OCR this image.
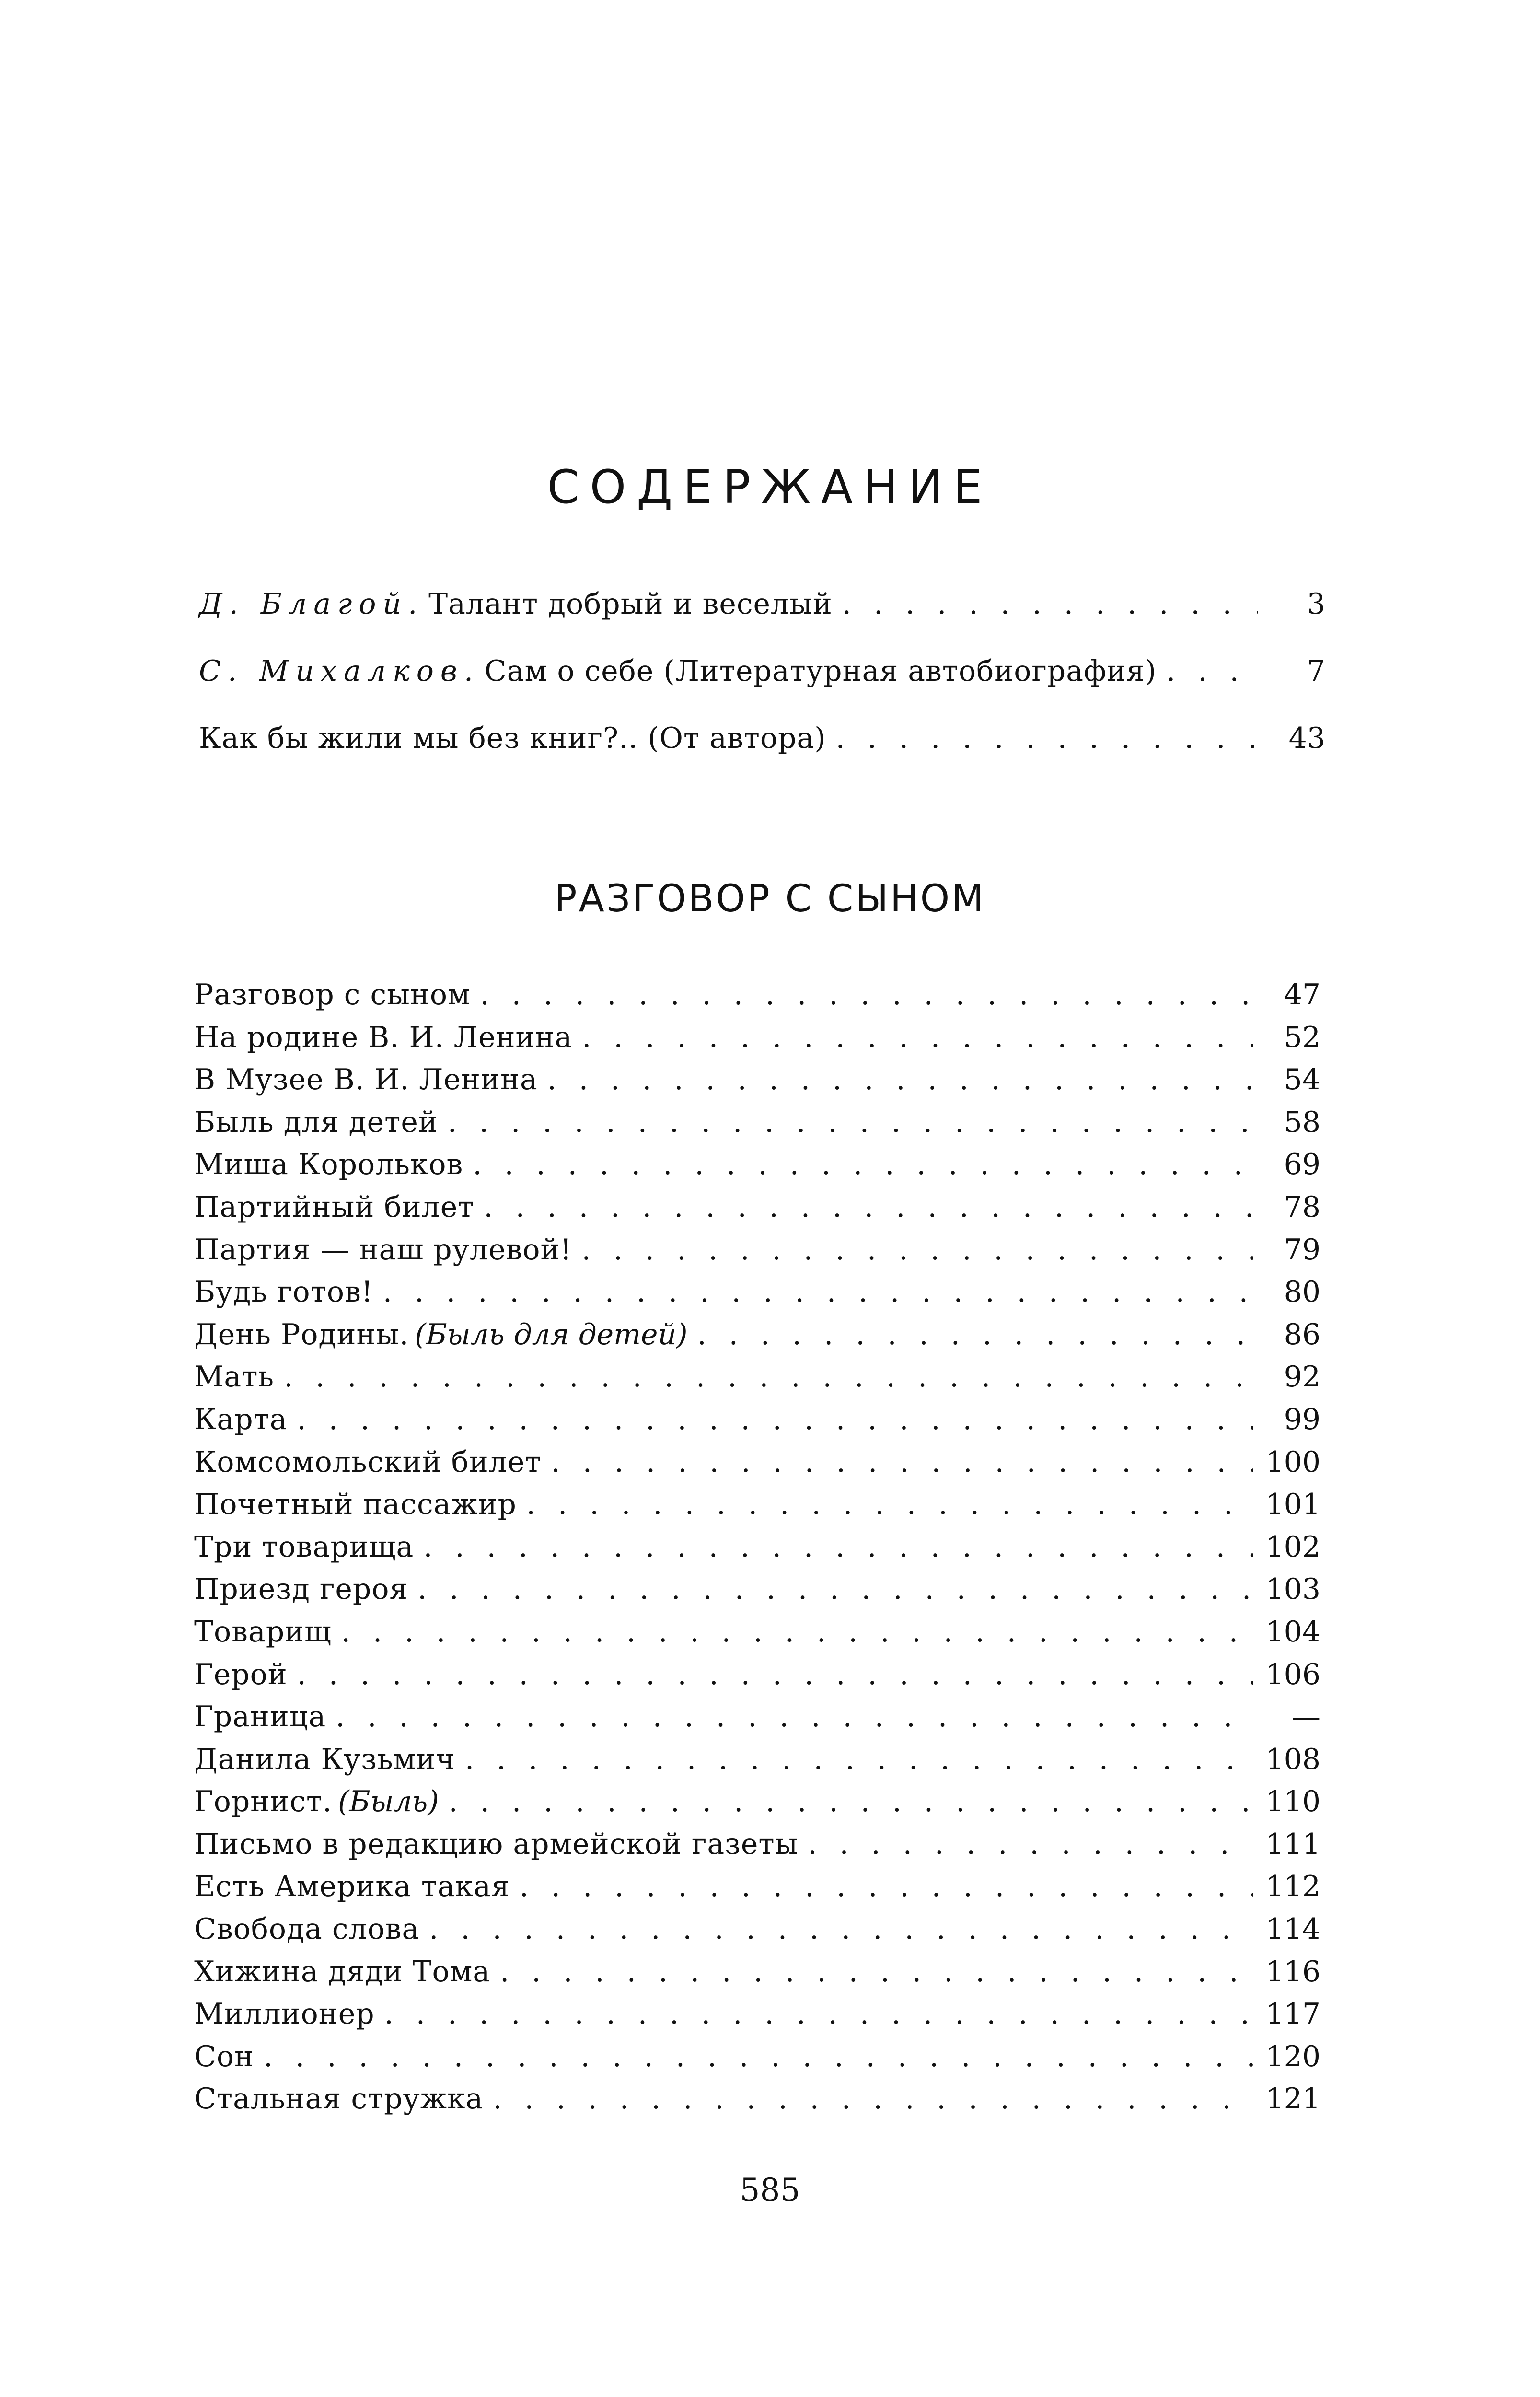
СОДЕРЖАНИЕ
Д. Благой. Талант добрый и веселый . . .	3
С. Михалков. Сам о себе (Литературная автобиография) . . .	7
Как бы жили мы без книг?.. (От автора) . . .	43
РАЗГОВОР С СЫНОМ
Разговор с сыном . . .	47
На родине В. И. Ленина . . .	52
В Музее В. И. Ленина . . .	54
Быль для детей . . .	58
Миша Корольков . . .	69
Партийный билет . . .	78
Партия — наш рулевой! . . .	79
Будь готов! . . .	80
День Родины. (Быль для детей) . . .	86
Мать . . .	92
Карта . . .	99
Комсомольский билет . . .	100
Почетный пассажир . . .	101
Три товарища . . .	102
Приезд героя . . .	103
Товарищ . . .	104
Герой . . .	106
Граница . . .	—
Данила Кузьмич . . .	108
Горнист. (Быль) . . .	110
Письмо в редакцию армейской газеты . . .	111
Есть Америка такая . . .	112
Свобода слова . . .	114
Хижина дяди Тома . . .	116
Миллионер . . .	117
Сон . . .	120
Стальная стружка . . .	121
585
